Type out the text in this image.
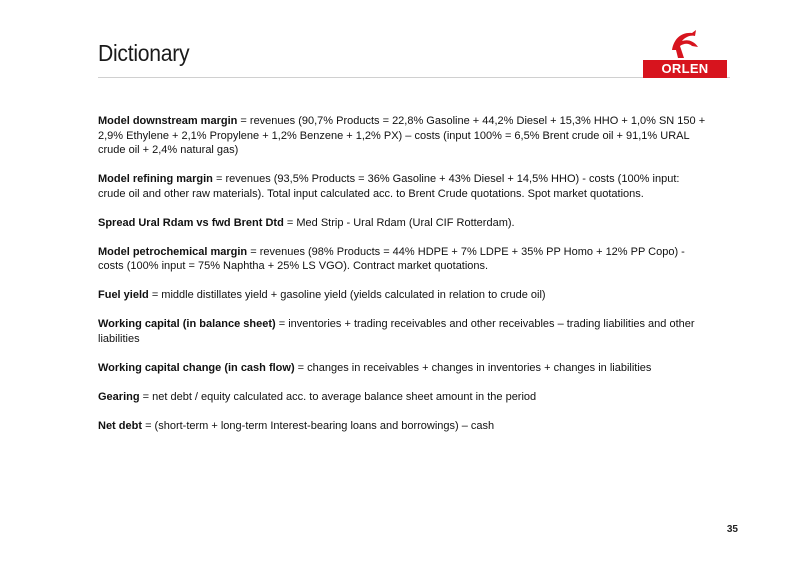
Dictionary
ORLEN

Model downstream margin = revenues (90,7% Products = 22,8% Gasoline + 44,2% Diesel + 15,3% HHO + 1,0% SN 150 + 2,9% Ethylene + 2,1% Propylene + 1,2% Benzene + 1,2% PX) – costs (input 100% = 6,5% Brent crude oil + 91,1% URAL crude oil + 2,4% natural gas)

Model refining margin = revenues (93,5% Products = 36% Gasoline + 43% Diesel + 14,5% HHO) - costs (100% input: crude oil and other raw materials). Total input calculated acc. to Brent Crude quotations. Spot market quotations.

Spread Ural Rdam vs fwd Brent Dtd = Med Strip - Ural Rdam (Ural CIF Rotterdam).

Model petrochemical margin = revenues (98% Products = 44% HDPE + 7% LDPE + 35% PP Homo + 12% PP Copo) - costs (100% input = 75% Naphtha + 25% LS VGO). Contract market quotations.

Fuel yield = middle distillates yield + gasoline yield (yields calculated in relation to crude oil)

Working capital (in balance sheet) = inventories + trading receivables and other receivables – trading liabilities and other liabilities

Working capital change (in cash flow) = changes in receivables + changes in inventories + changes in liabilities

Gearing = net debt / equity calculated acc. to average balance sheet amount in the period

Net debt = (short-term + long-term Interest-bearing loans and borrowings) – cash

35
